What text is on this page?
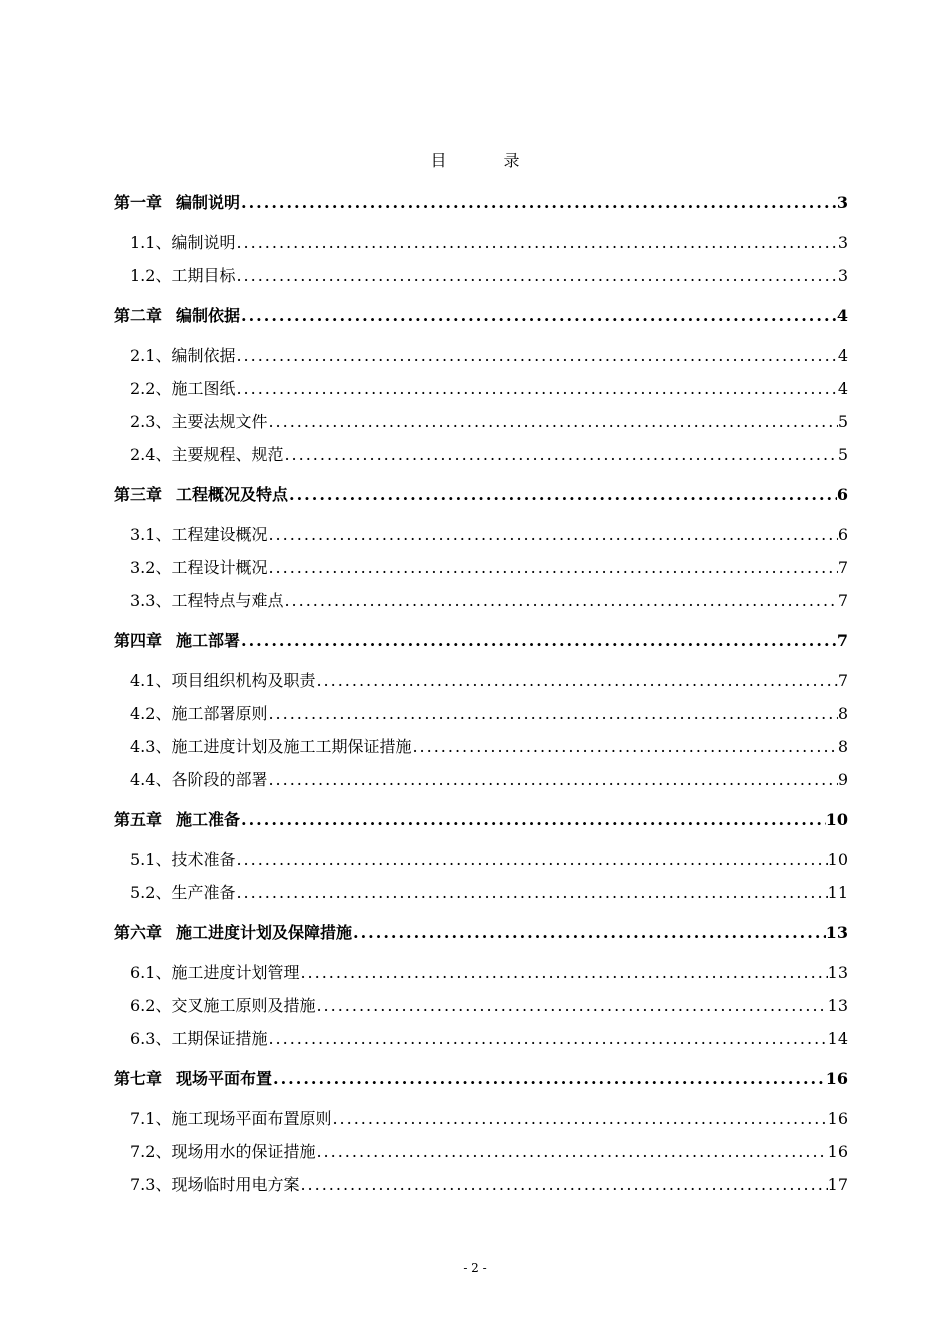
目 录
第一章 编制说明 .....	3
1.1、编制说明 .....	3
1.2、工期目标 .....	3
第二章 编制依据 .....	4
2.1、编制依据 .....	4
2.2、施工图纸 .....	4
2.3、主要法规文件 .....	5
2.4、主要规程、规范 .....	5
第三章 工程概况及特点 .....	6
3.1、工程建设概况 .....	6
3.2、工程设计概况 .....	7
3.3、工程特点与难点 .....	7
第四章 施工部署 .....	7
4.1、项目组织机构及职责 .....	7
4.2、施工部署原则 .....	8
4.3、施工进度计划及施工工期保证措施 .....	8
4.4、各阶段的部署 .....	9
第五章 施工准备 .....	10
5.1、技术准备 .....	10
5.2、生产准备 .....	11
第六章 施工进度计划及保障措施 .....	13
6.1、施工进度计划管理 .....	13
6.2、交叉施工原则及措施 .....	13
6.3、工期保证措施 .....	14
第七章 现场平面布置 .....	16
7.1、施工现场平面布置原则 .....	16
7.2、现场用水的保证措施 .....	16
7.3、现场临时用电方案 .....	17
- 2 -
